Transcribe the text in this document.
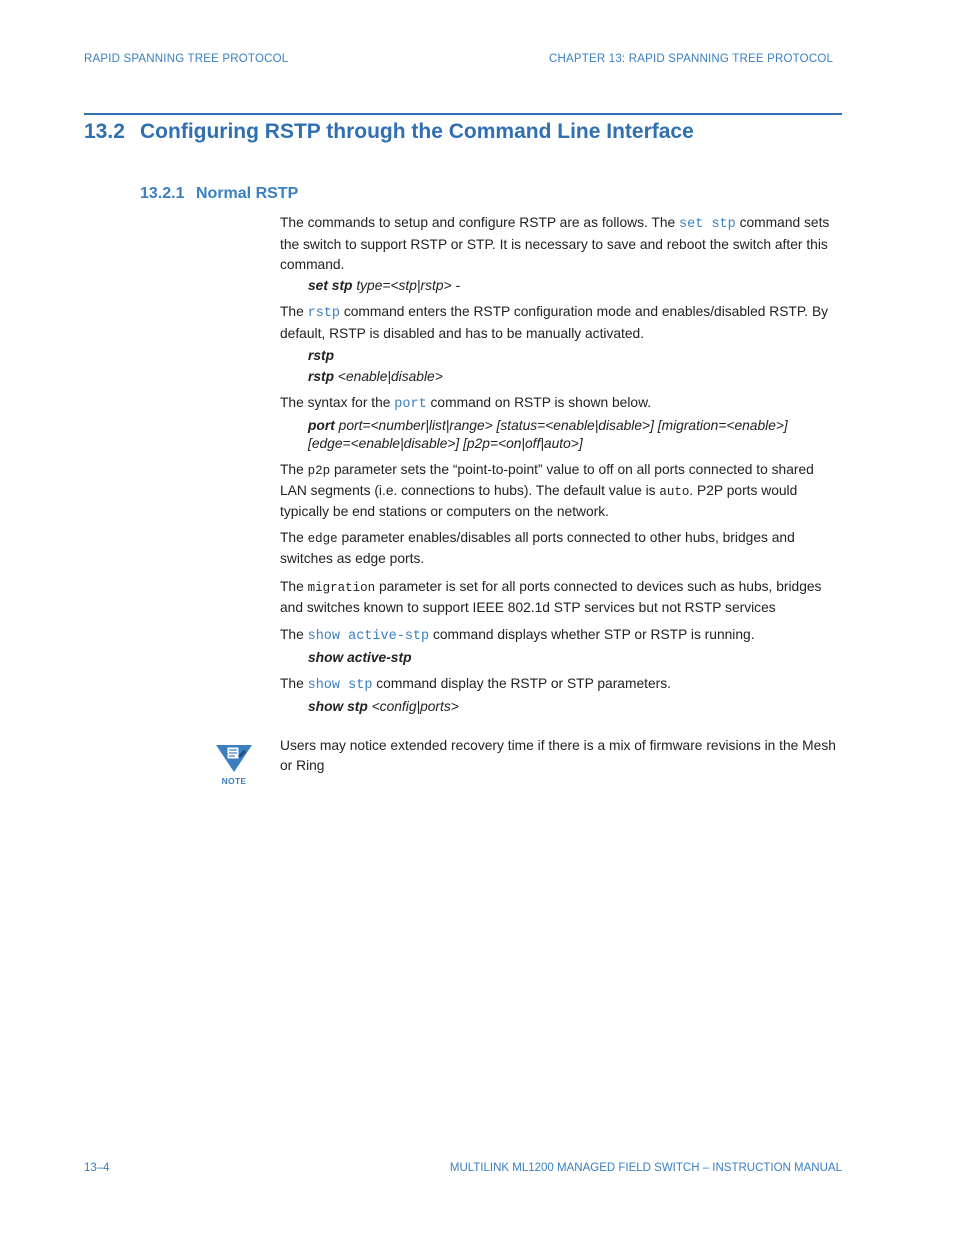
RAPID SPANNING TREE PROTOCOL	CHAPTER 13: RAPID SPANNING TREE PROTOCOL
13.2 Configuring RSTP through the Command Line Interface
13.2.1 Normal RSTP
The commands to setup and configure RSTP are as follows. The set stp command sets the switch to support RSTP or STP. It is necessary to save and reboot the switch after this command.
set stp type=<stp|rstp> -
The rstp command enters the RSTP configuration mode and enables/disabled RSTP. By default, RSTP is disabled and has to be manually activated.
rstp
rstp <enable|disable>
The syntax for the port command on RSTP is shown below.
port port=<number|list|range> [status=<enable|disable>] [migration=<enable>]
[edge=<enable|disable>] [p2p=<on|off|auto>]
The p2p parameter sets the “point-to-point” value to off on all ports connected to shared LAN segments (i.e. connections to hubs). The default value is auto. P2P ports would typically be end stations or computers on the network.
The edge parameter enables/disables all ports connected to other hubs, bridges and switches as edge ports.
The migration parameter is set for all ports connected to devices such as hubs, bridges and switches known to support IEEE 802.1d STP services but not RSTP services
The show active-stp command displays whether STP or RSTP is running.
show active-stp
The show stp command display the RSTP or STP parameters.
show stp <config|ports>
NOTE
Users may notice extended recovery time if there is a mix of firmware revisions in the Mesh or Ring
13–4	MULTILINK ML1200 MANAGED FIELD SWITCH – INSTRUCTION MANUAL
